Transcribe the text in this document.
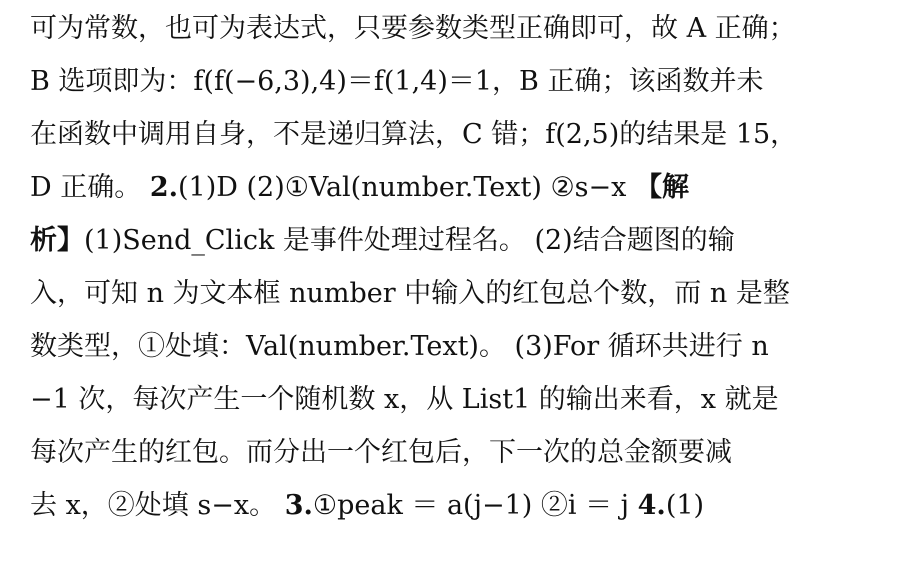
可为常数，也可为表达式，只要参数类型正确即可，故 A 正确；
B 选项即为：f(f(−6,3),4)＝f(1,4)＝1，B 正确；该函数并未
在函数中调用自身，不是递归算法，C 错；f(2,5)的结果是 15，
D 正确。 2.(1)D (2)①Val(number.Text) ②s−x 【解
析】(1)Send_Click 是事件处理过程名。 (2)结合题图的输
入，可知 n 为文本框 number 中输入的红包总个数，而 n 是整
数类型，①处填：Val(number.Text)。 (3)For 循环共进行 n
−1 次，每次产生一个随机数 x，从 List1 的输出来看，x 就是
每次产生的红包。而分出一个红包后，下一次的总金额要减
去 x，②处填 s−x。 3.①peak ＝ a(j−1) ②i ＝ j 4.(1)
